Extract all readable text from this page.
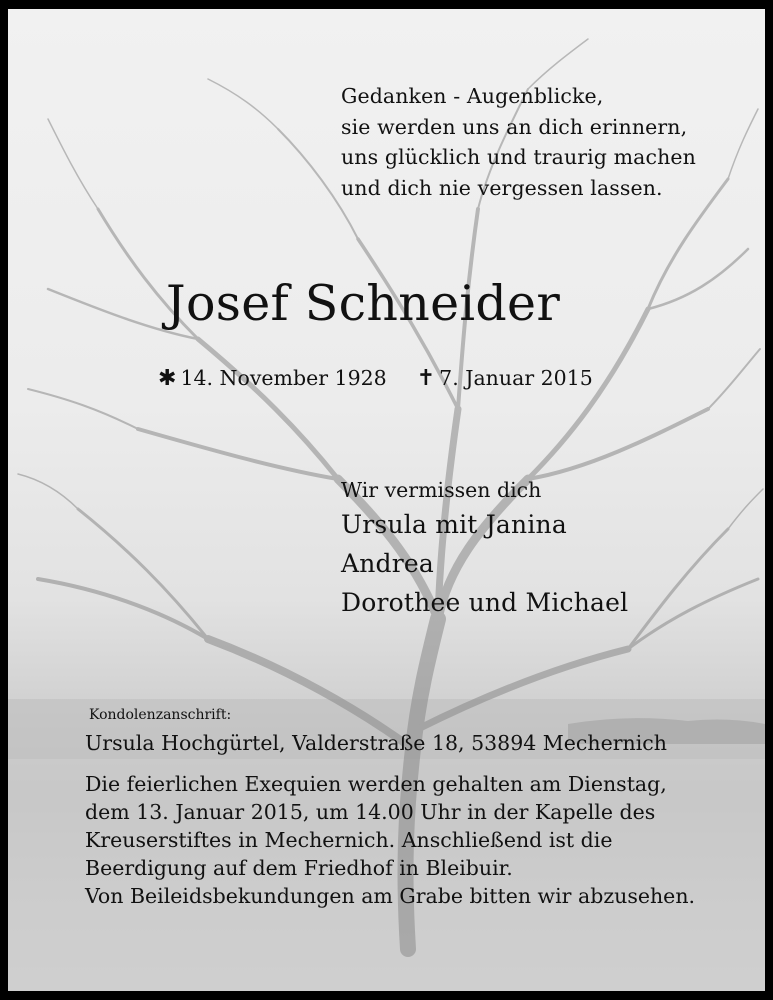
Gedanken - Augenblicke,
sie werden uns an dich erinnern,
uns glücklich und traurig machen
und dich nie vergessen lassen.
Josef Schneider
✱ 14. November 1928 ✝ 7. Januar 2015
Wir vermissen dich
Ursula mit Janina
Andrea
Dorothee und Michael
Kondolenzanschrift:
Ursula Hochgürtel, Valderstraße 18, 53894 Mechernich
Die feierlichen Exequien werden gehalten am Dienstag,
dem 13. Januar 2015, um 14.00 Uhr in der Kapelle des
Kreuserstiftes in Mechernich. Anschließend ist die
Beerdigung auf dem Friedhof in Bleibuir.
Von Beileidsbekundungen am Grabe bitten wir abzusehen.
